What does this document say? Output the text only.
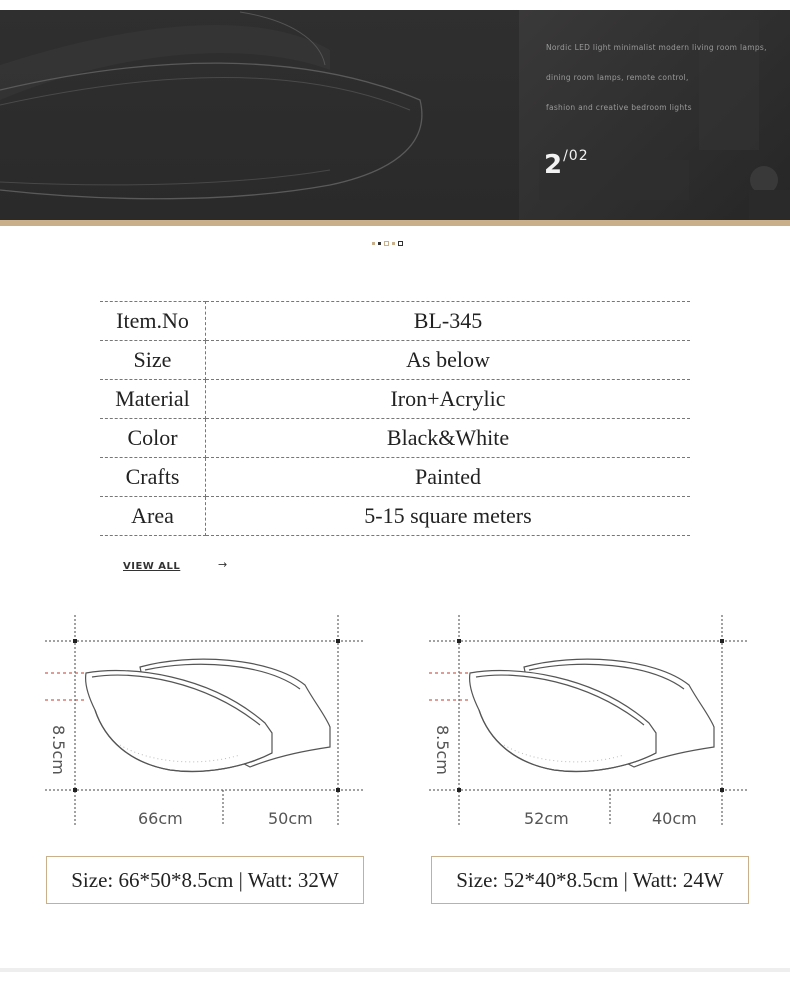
Nordic LED light minimalist modern living room lamps,
dining room lamps, remote control,
fashion and creative bedroom lights
$2^{/02}$
Item.No	BL-345
Size	As below
Material	Iron+Acrylic
Color	Black&White
Crafts	Painted
Area	5-15 square meters
VIEW ALL	→
8.5cm
66cm	50cm
Size: 66*50*8.5cm | Watt: 32W
8.5cm
52cm	40cm
Size: 52*40*8.5cm | Watt: 24W
